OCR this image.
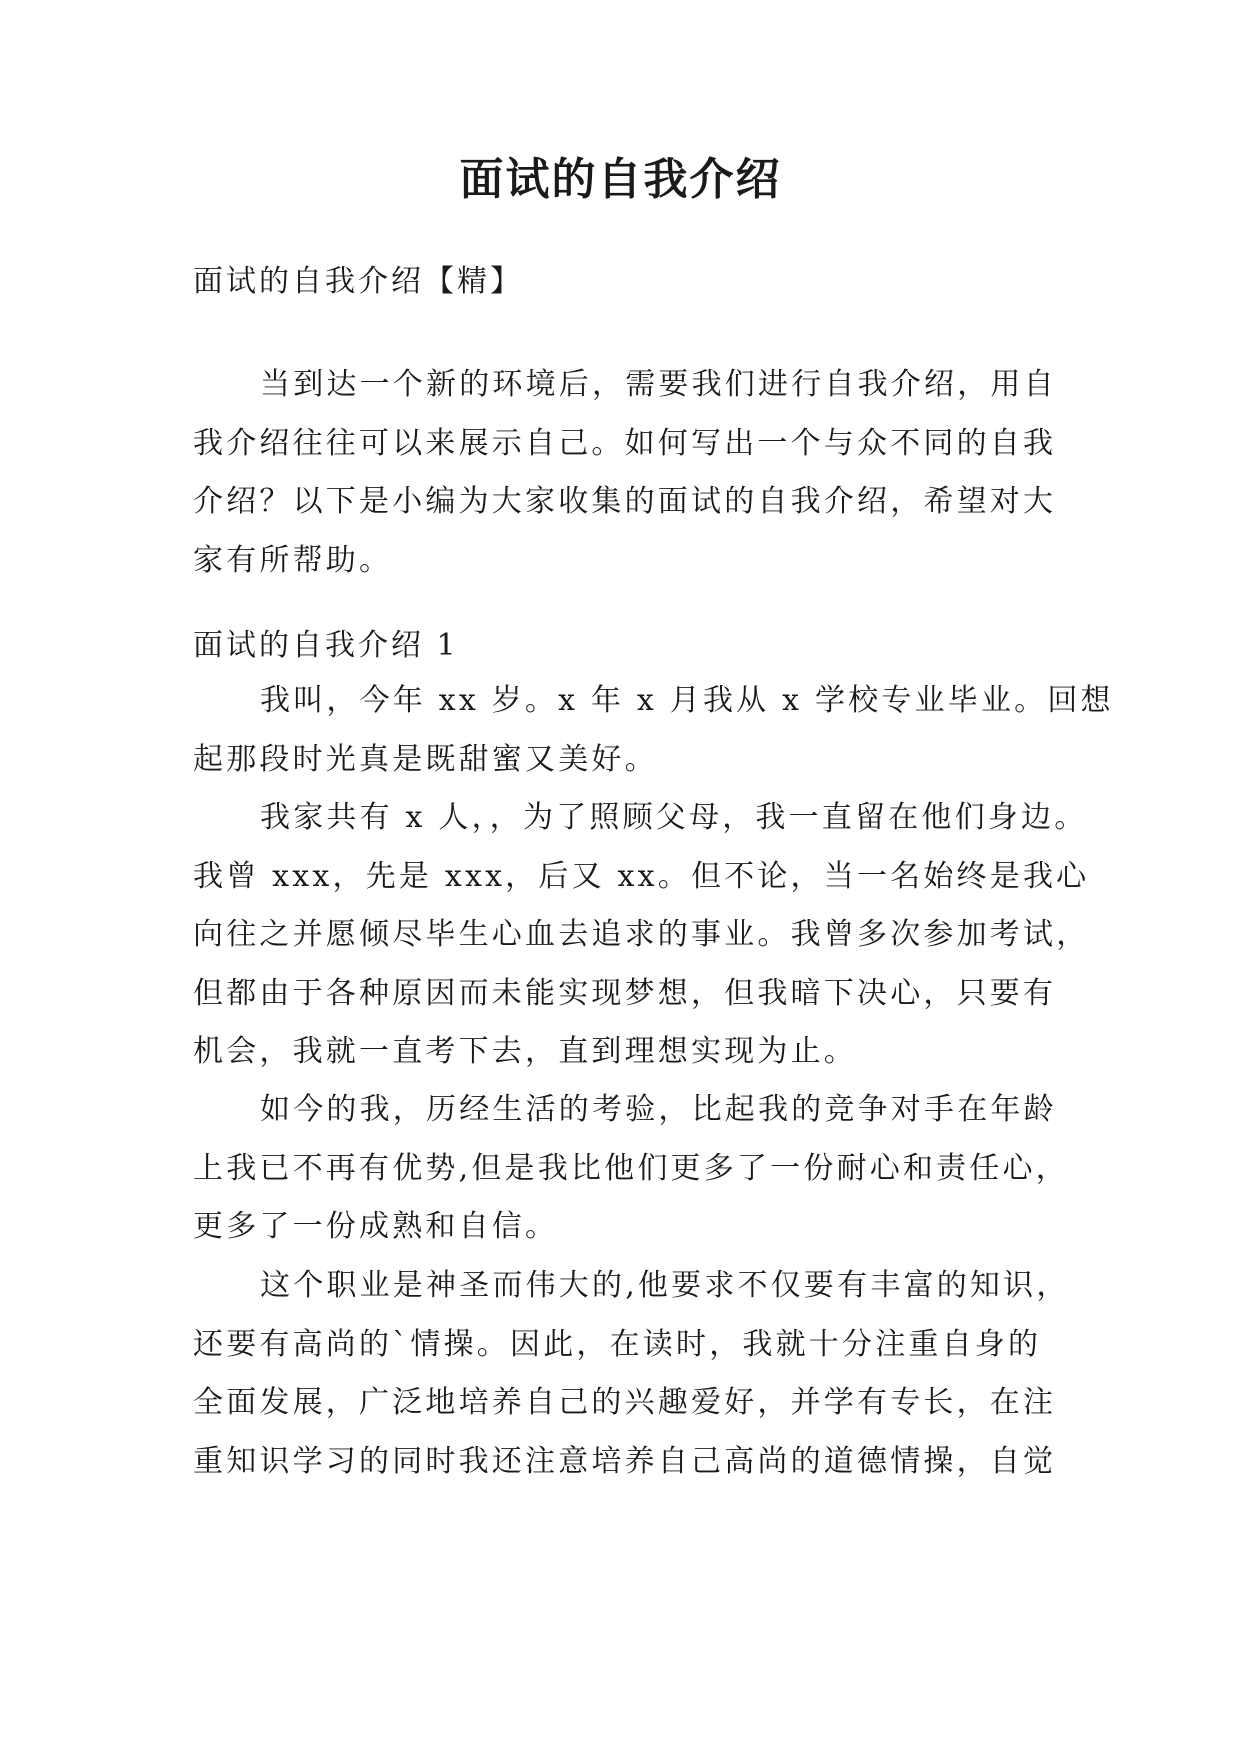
面试的自我介绍

面试的自我介绍【精】

当到达一个新的环境后，需要我们进行自我介绍，用自
我介绍往往可以来展示自己。如何写出一个与众不同的自我
介绍？以下是小编为大家收集的面试的自我介绍，希望对大
家有所帮助。

面试的自我介绍 1

我叫，今年 xx 岁。x 年 x 月我从 x 学校专业毕业。回想
起那段时光真是既甜蜜又美好。
我家共有 x 人，，为了照顾父母，我一直留在他们身边。
我曾 xxx，先是 xxx，后又 xx。但不论，当一名始终是我心
向往之并愿倾尽毕生心血去追求的事业。我曾多次参加考试，
但都由于各种原因而未能实现梦想，但我暗下决心，只要有
机会，我就一直考下去，直到理想实现为止。
如今的我，历经生活的考验，比起我的竞争对手在年龄
上我已不再有优势,但是我比他们更多了一份耐心和责任心，
更多了一份成熟和自信。
这个职业是神圣而伟大的,他要求不仅要有丰富的知识，
还要有高尚的`情操。因此，在读时，我就十分注重自身的
全面发展，广泛地培养自己的兴趣爱好，并学有专长，在注
重知识学习的同时我还注意培养自己高尚的道德情操，自觉
